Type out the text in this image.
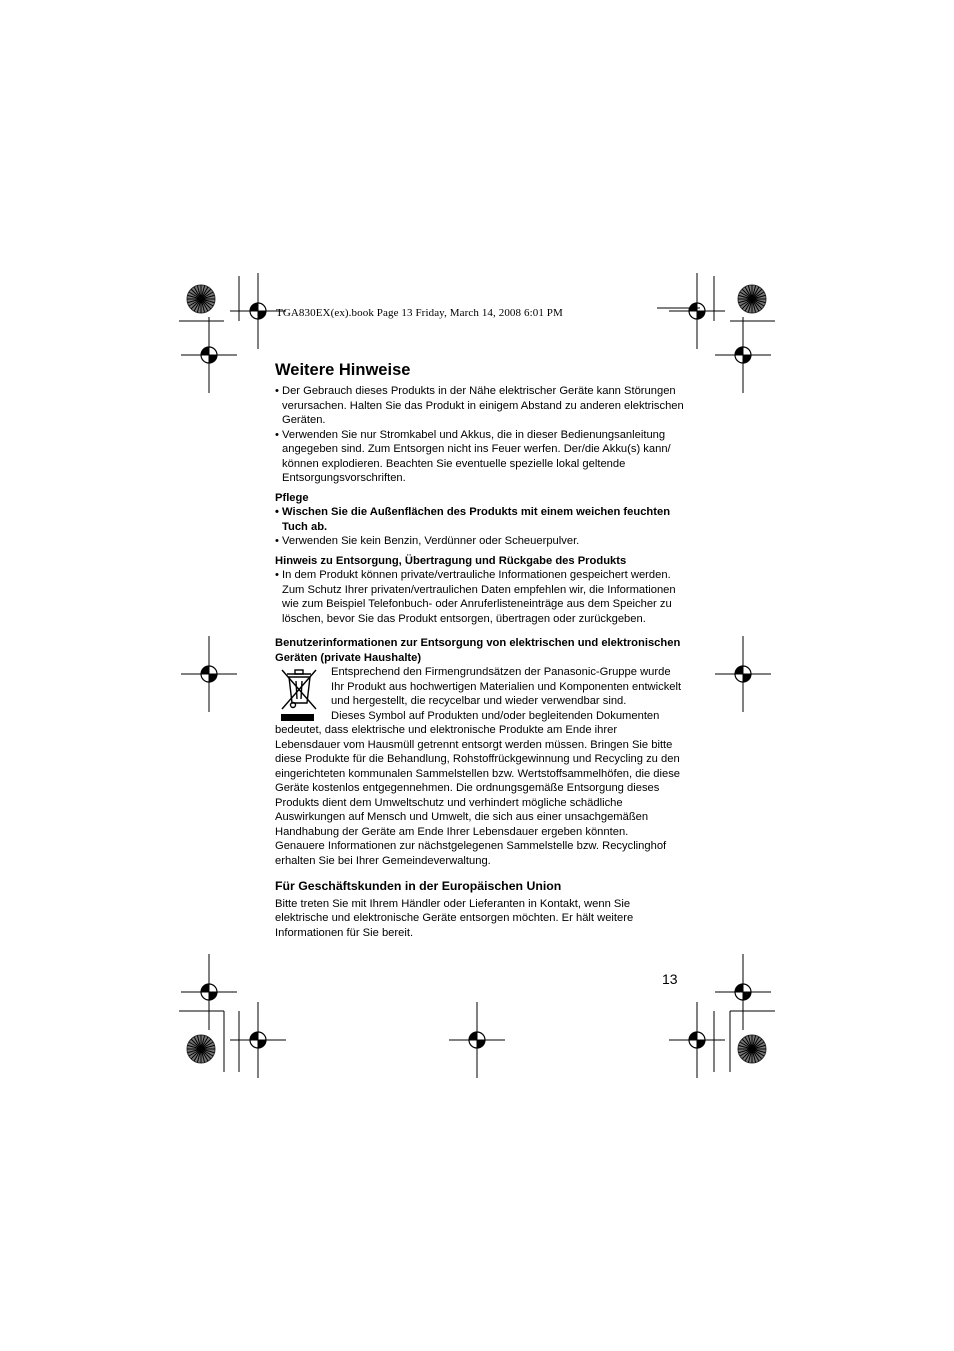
TGA830EX(ex).book Page 13 Friday, March 14, 2008 6:01 PM
Weitere Hinweise
• Der Gebrauch dieses Produkts in der Nähe elektrischer Geräte kann Störungen verursachen. Halten Sie das Produkt in einigem Abstand zu anderen elektrischen Geräten.
• Verwenden Sie nur Stromkabel und Akkus, die in dieser Bedienungsanleitung angegeben sind. Zum Entsorgen nicht ins Feuer werfen. Der/die Akku(s) kann/ können explodieren. Beachten Sie eventuelle spezielle lokal geltende Entsorgungsvorschriften.
Pflege
• Wischen Sie die Außenflächen des Produkts mit einem weichen feuchten Tuch ab.
• Verwenden Sie kein Benzin, Verdünner oder Scheuerpulver.
Hinweis zu Entsorgung, Übertragung und Rückgabe des Produkts
• In dem Produkt können private/vertrauliche Informationen gespeichert werden. Zum Schutz Ihrer privaten/vertraulichen Daten empfehlen wir, die Informationen wie zum Beispiel Telefonbuch- oder Anruferlisteneinträge aus dem Speicher zu löschen, bevor Sie das Produkt entsorgen, übertragen oder zurückgeben.
Benutzerinformationen zur Entsorgung von elektrischen und elektronischen Geräten (private Haushalte)

Entsprechend den Firmengrundsätzen der Panasonic-Gruppe wurde Ihr Produkt aus hochwertigen Materialien und Komponenten entwickelt und hergestellt, die recycelbar und wieder verwendbar sind.

Dieses Symbol auf Produkten und/oder begleitenden Dokumenten bedeutet, dass elektrische und elektronische Produkte am Ende ihrer Lebensdauer vom Hausmüll getrennt entsorgt werden müssen. Bringen Sie bitte diese Produkte für die Behandlung, Rohstoffrückgewinnung und Recycling zu den eingerichteten kommunalen Sammelstellen bzw. Wertstoffsammelhöfen, die diese Geräte kostenlos entgegennehmen. Die ordnungsgemäße Entsorgung dieses Produkts dient dem Umweltschutz und verhindert mögliche schädliche Auswirkungen auf Mensch und Umwelt, die sich aus einer unsachgemäßen Handhabung der Geräte am Ende Ihrer Lebensdauer ergeben könnten.

Genauere Informationen zur nächstgelegenen Sammelstelle bzw. Recyclinghof erhalten Sie bei Ihrer Gemeindeverwaltung.

Für Geschäftskunden in der Europäischen Union

Bitte treten Sie mit Ihrem Händler oder Lieferanten in Kontakt, wenn Sie elektrische und elektronische Geräte entsorgen möchten. Er hält weitere Informationen für Sie bereit.

13
